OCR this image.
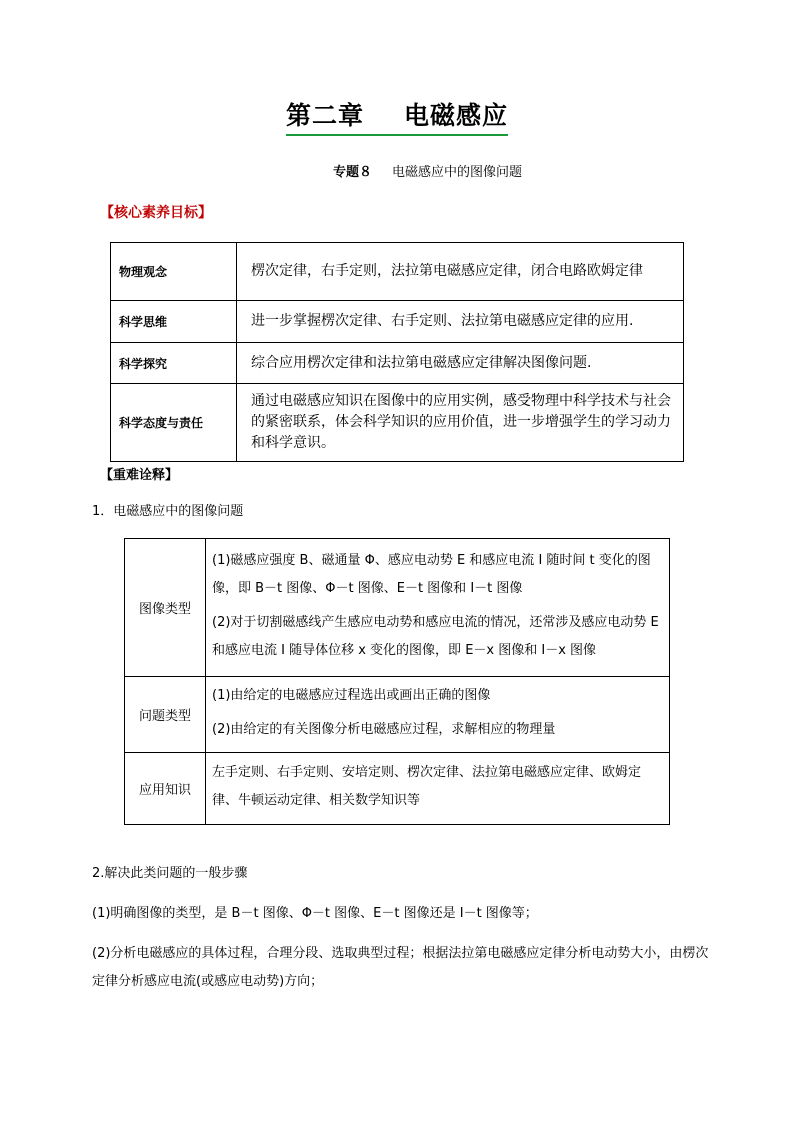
第二章 电磁感应
专题８ 电磁感应中的图像问题
【核心素养目标】
物理观念	楞次定律，右手定则，法拉第电磁感应定律，闭合电路欧姆定律
科学思维	进一步掌握楞次定律、右手定则、法拉第电磁感应定律的应用.
科学探究	综合应用楞次定律和法拉第电磁感应定律解决图像问题.
科学态度与责任	通过电磁感应知识在图像中的应用实例，感受物理中科学技术与社会的紧密联系，体会科学知识的应用价值，进一步增强学生的学习动力和科学意识。
【重难诠释】
1．电磁感应中的图像问题
图像类型	(1)磁感应强度 B、磁通量 Φ、感应电动势 E 和感应电流 I 随时间 t 变化的图像，即 B－t 图像、Φ－t 图像、E－t 图像和 I－t 图像

(2)对于切割磁感线产生感应电动势和感应电流的情况，还常涉及感应电动势 E 和感应电流 I 随导体位移 x 变化的图像，即 E－x 图像和 I－x 图像

问题类型	(1)由给定的电磁感应过程选出或画出正确的图像

(2)由给定的有关图像分析电磁感应过程，求解相应的物理量

应用知识	左手定则、右手定则、安培定则、楞次定律、法拉第电磁感应定律、欧姆定律、牛顿运动定律、相关数学知识等

2.解决此类问题的一般步骤
(1)明确图像的类型，是 B－t 图像、Φ－t 图像、E－t 图像还是 I－t 图像等；
(2)分析电磁感应的具体过程，合理分段、选取典型过程；根据法拉第电磁感应定律分析电动势大小，由楞次定律分析感应电流(或感应电动势)方向；
